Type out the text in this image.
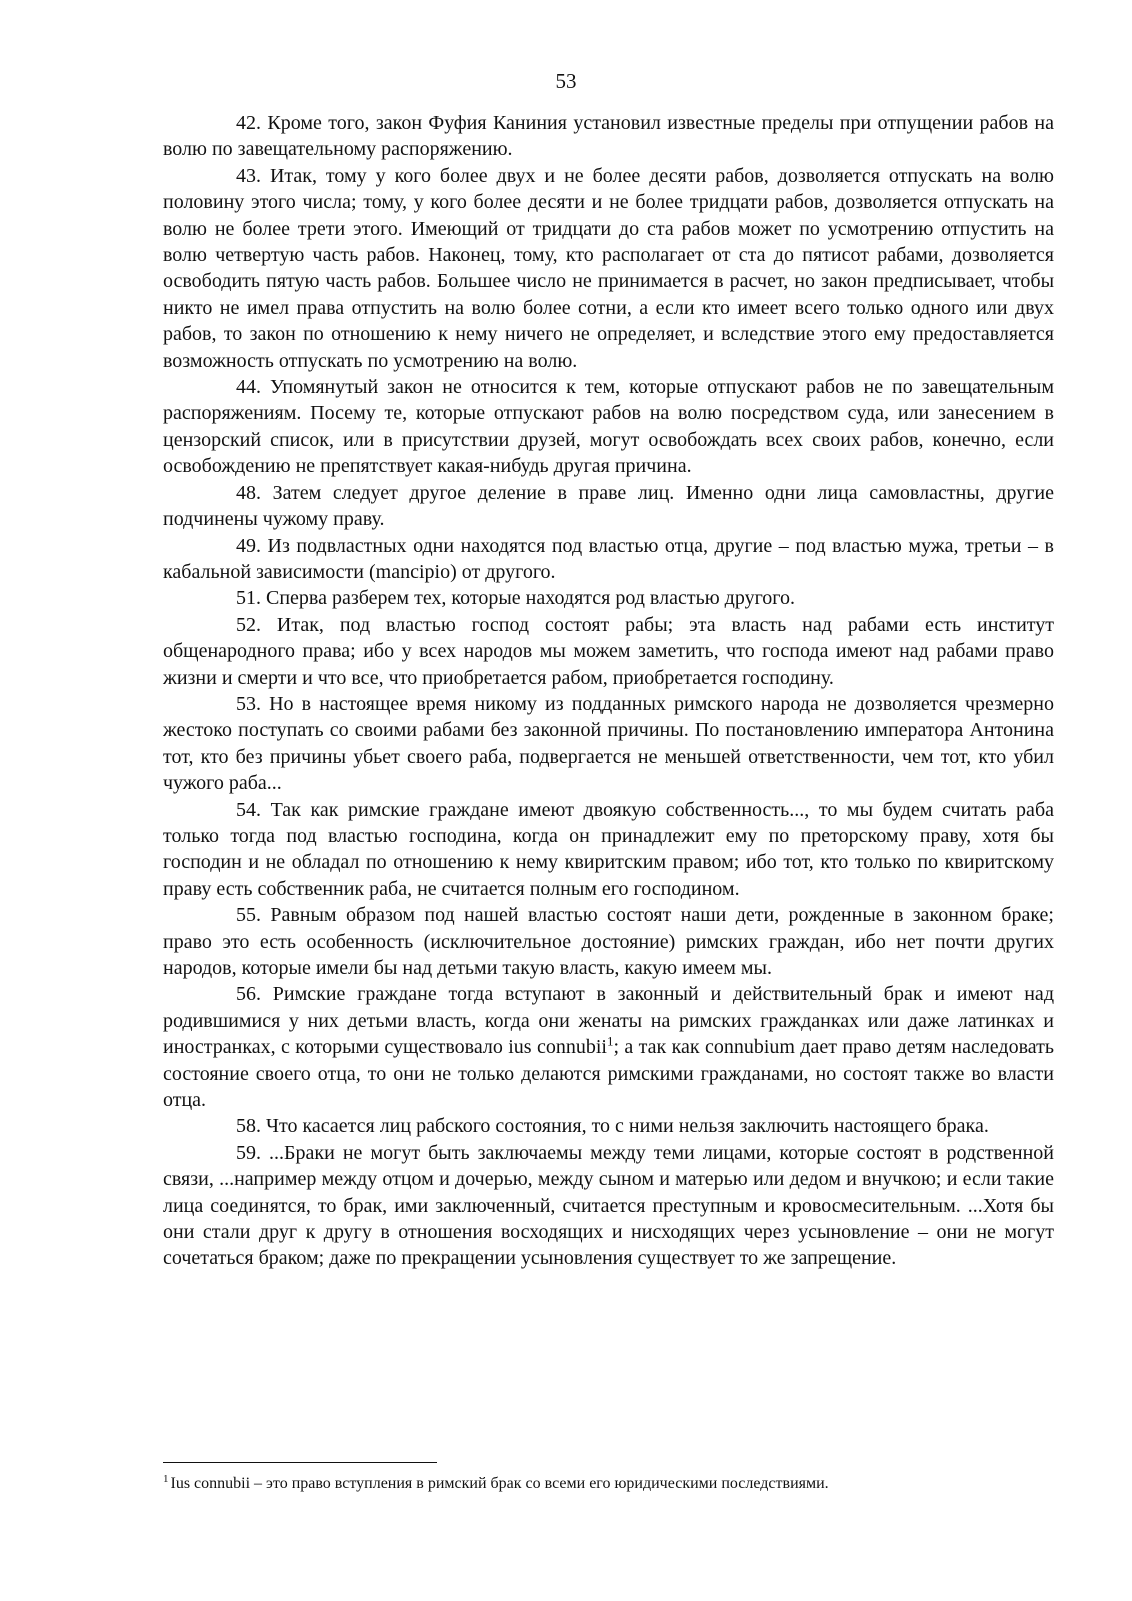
53

42. Кроме того, закон Фуфия Каниния установил известные пределы при отпущении рабов на волю по завещательному распоряжению.

43. Итак, тому у кого более двух и не более десяти рабов, дозволяется отпускать на волю половину этого числа; тому, у кого более десяти и не более тридцати рабов, дозволяется отпускать на волю не более трети этого. Имеющий от тридцати до ста рабов может по усмотрению отпустить на волю четвертую часть рабов. Наконец, тому, кто располагает от ста до пятисот рабами, дозволяется освободить пятую часть рабов. Большее число не принимается в расчет, но закон предписывает, чтобы никто не имел права отпустить на волю более сотни, а если кто имеет всего только одного или двух рабов, то закон по отношению к нему ничего не определяет, и вследствие этого ему предоставляется возможность отпускать по усмотрению на волю.

44. Упомянутый закон не относится к тем, которые отпускают рабов не по завещательным распоряжениям. Посему те, которые отпускают рабов на волю посредством суда, или занесением в цензорский список, или в присутствии друзей, могут освобождать всех своих рабов, конечно, если освобождению не препятствует какая-нибудь другая причина.

48. Затем следует другое деление в праве лиц. Именно одни лица самовластны, другие подчинены чужому праву.

49. Из подвластных одни находятся под властью отца, другие – под властью мужа, третьи – в кабальной зависимости (mancipio) от другого.

51. Сперва разберем тех, которые находятся род властью другого.

52. Итак, под властью господ состоят рабы; эта власть над рабами есть институт общенародного права; ибо у всех народов мы можем заметить, что господа имеют над рабами право жизни и смерти и что все, что приобретается рабом, приобретается господину.

53. Но в настоящее время никому из подданных римского народа не дозволяется чрезмерно жестоко поступать со своими рабами без законной причины. По постановлению императора Антонина тот, кто без причины убьет своего раба, подвергается не меньшей ответственности, чем тот, кто убил чужого раба...

54. Так как римские граждане имеют двоякую собственность..., то мы будем считать раба только тогда под властью господина, когда он принадлежит ему по преторскому праву, хотя бы господин и не обладал по отношению к нему квиритским правом; ибо тот, кто только по квиритскому праву есть собственник раба, не считается полным его господином.

55. Равным образом под нашей властью состоят наши дети, рожденные в законном браке; право это есть особенность (исключительное достояние) римских граждан, ибо нет почти других народов, которые имели бы над детьми такую власть, какую имеем мы.

56. Римские граждане тогда вступают в законный и действительный брак и имеют над родившимися у них детьми власть, когда они женаты на римских гражданках или даже латинках и иностранках, с которыми существовало ius connubii$^1$; а так как connubium дает право детям наследовать состояние своего отца, то они не только делаются римскими гражданами, но состоят также во власти отца.

58. Что касается лиц рабского состояния, то с ними нельзя заключить настоящего брака.

59. ...Браки не могут быть заключаемы между теми лицами, которые состоят в родственной связи, ...например между отцом и дочерью, между сыном и матерью или дедом и внучкою; и если такие лица соединятся, то брак, ими заключенный, считается преступным и кровосмесительным. ...Хотя бы они стали друг к другу в отношения восходящих и нисходящих через усыновление – они не могут сочетаться браком; даже по прекращении усыновления существует то же запрещение.

$^1$ Ius connubii – это право вступления в римский брак со всеми его юридическими последствиями.
